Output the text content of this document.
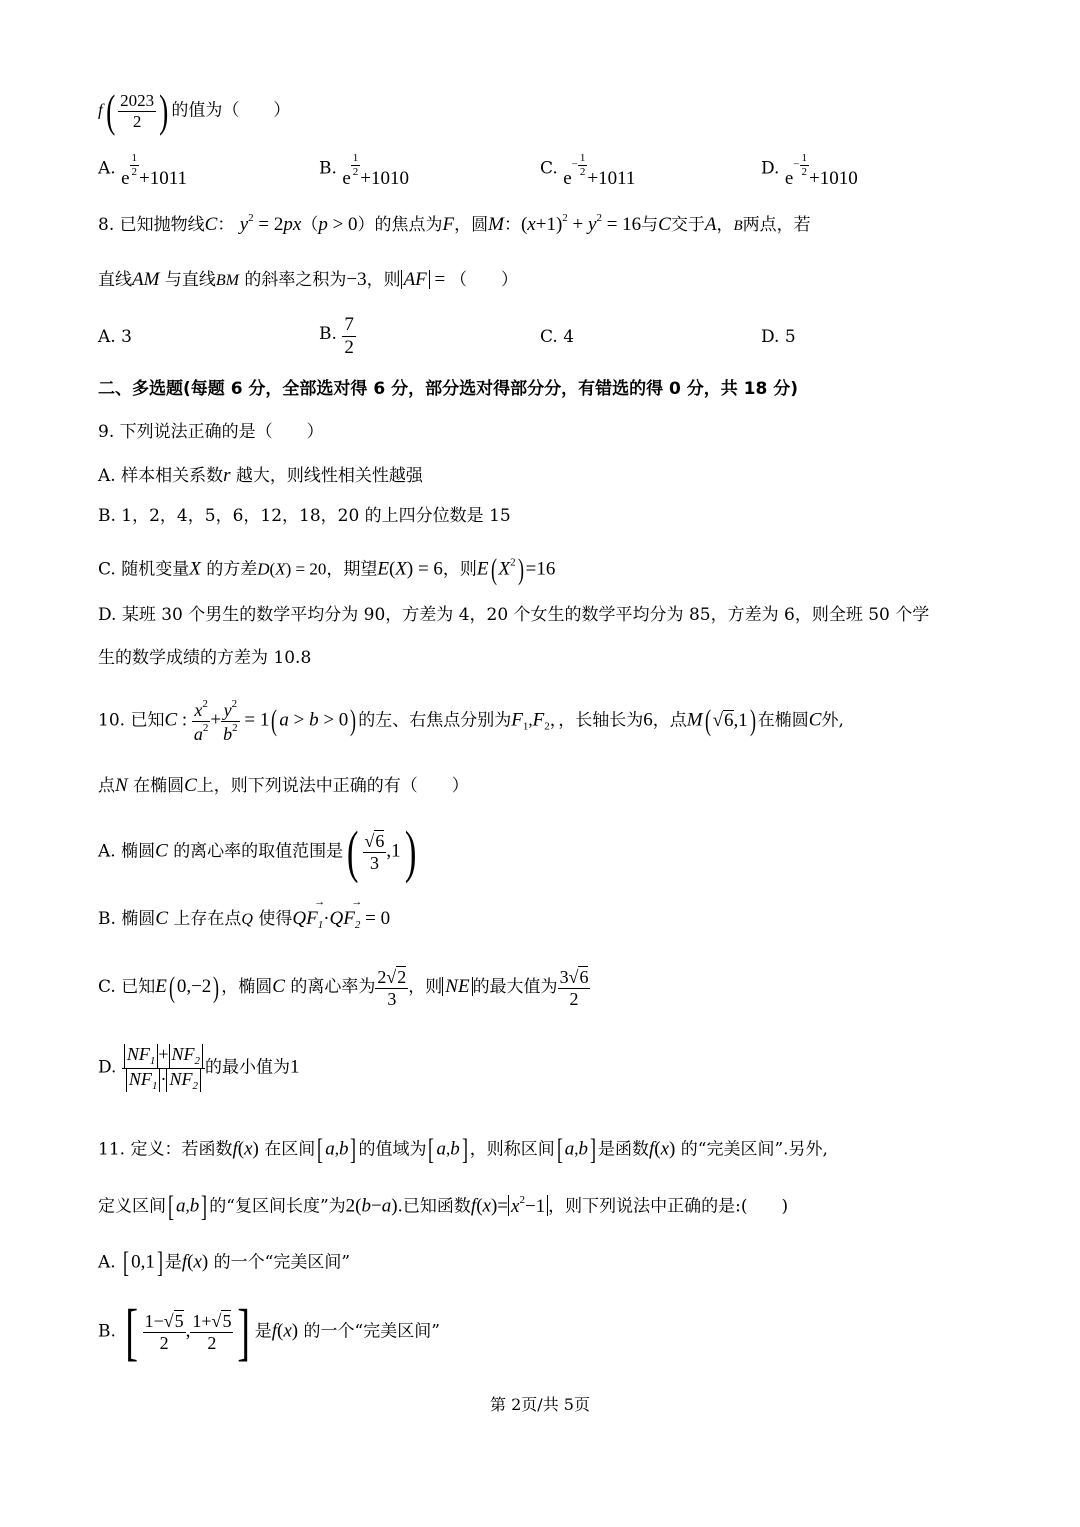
$f( \frac{2023}{2}$ ) 的值为（　　）
A. e $\frac{1}{2} +1011$	B. e $\frac{1}{2} +1010$	C. $e- \frac{1}{2} +1011$	D. $e- \frac{1}{2} +1010$
8. 已知抛物线C： $y^2 = 2px(p > 0)$的焦点为F，圆M：$(x+1)^2 + y^2 = 16$与C交于A，B两点，若
直线AM 与直线BM 的斜率之积为−3，则 AF = （　　）
A. 3	B. $\frac{7}{2}$	C. 4	D. 5
二、多选题(每题 6 分，全部选对得 6 分，部分选对得部分分，有错选的得 0 分，共 18 分)
9. 下列说法正确的是（　　）
A. 样本相关系数r 越大，则线性相关性越强
B. 1，2，4，5，6，12，18，20 的上四分位数是 15
C. 随机变量X 的方差D(X) = 20，期望E(X) = 6，则E( $X^2) =16$
D. 某班 30 个男生的数学平均分为 90，方差为 4，20 个女生的数学平均分为 85，方差为 6，则全班 50 个学
生的数学成绩的方差为 10.8
10. 已知C : $\frac{x^2}{a^2} + \frac{y^2}{b^2} = 1$( a > b > 0) 的左、右焦点分别为$F_1,F_2$，，长轴长为6，点M( √6,1) 在椭圆C外,
点N 在椭圆C上，则下列说法中正确的有（　　）
A. 椭圆C 的离心率的取值范围是( $\frac{√6}{3} ,1$)
B. 椭圆C 上存在点Q 使得$QF_1 \to\cdot QF_2$ → = 0
C. 已知E( 0,−2) ，椭圆C 的离心率为 $\frac{2√2}{3}$ ，则 NE 的最大值为 $\frac{3√6}{2}$
D. $\frac{NF_1 + NF_2}{NF_1 \cdot NF_2}$ 的最小值为1
11. 定义：若函数f(x) 在区间[ a,b] 的值域为[ a,b] ，则称区间[ a,b] 是函数f(x) 的“完美区间”.另外,
定义区间[ a,b] 的“复区间长度”为2(b−a).已知函数$f(x)= x^2-1$ ，则下列说法中正确的是:(　　)
A. [ 0,1] 是f(x) 的一个“完美区间”
B. [ $\frac{1-√5}{2}$ , $\frac{1+√5}{2}$ ] 是f(x) 的一个“完美区间”
第 2页/共 5页
